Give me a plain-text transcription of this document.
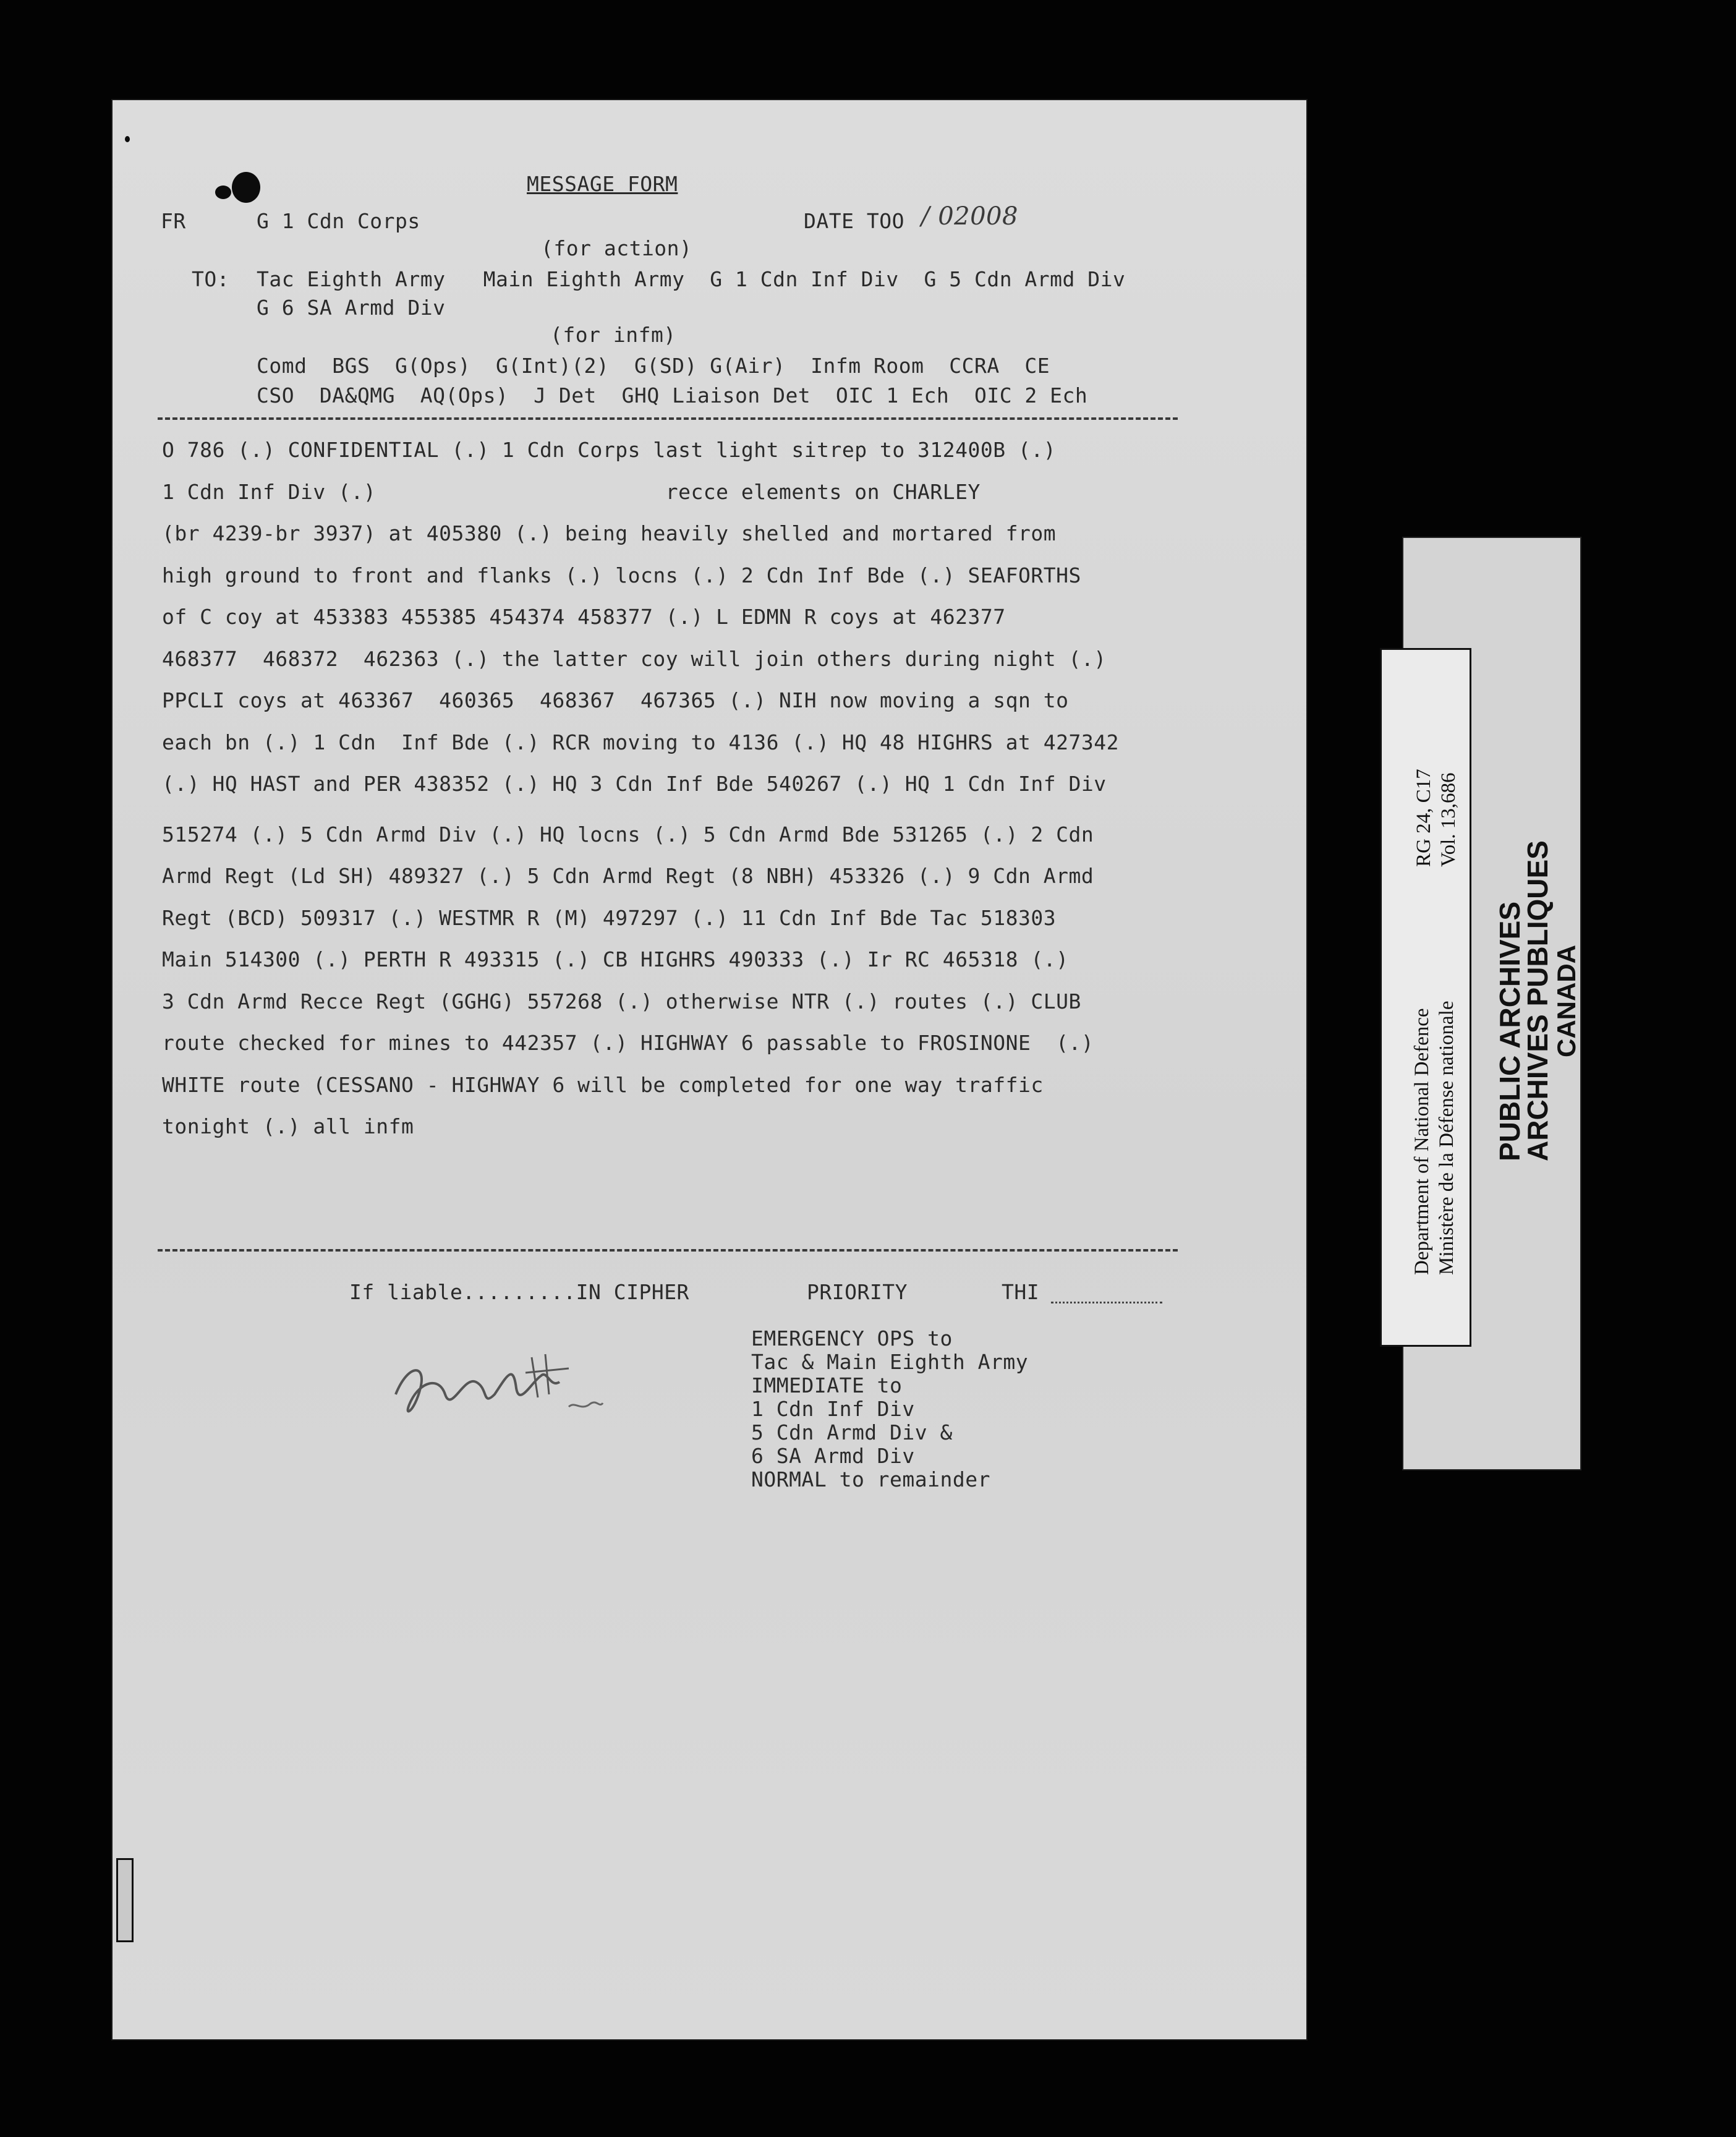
MESSAGE FORM
FR	G 1 Cdn Corps	DATE TOO / 02008
(for action)
TO: Tac Eighth Army   Main Eighth Army  G 1 Cdn Inf Div  G 5 Cdn Armd Div
G 6 SA Armd Div
(for infm)
Comd  BGS  G(Ops)  G(Int)(2)  G(SD) G(Air)  Infm Room  CCRA  CE
CSO  DA&QMG  AQ(Ops)  J Det  GHQ Liaison Det  OIC 1 Ech  OIC 2 Ech
O 786 (.) CONFIDENTIAL (.) 1 Cdn Corps last light sitrep to 312400B (.)
1 Cdn Inf Div (.)                       recce elements on CHARLEY
(br 4239-br 3937) at 405380 (.) being heavily shelled and mortared from
high ground to front and flanks (.) locns (.) 2 Cdn Inf Bde (.) SEAFORTHS
of C coy at 453383 455385 454374 458377 (.) L EDMN R coys at 462377
468377  468372  462363 (.) the latter coy will join others during night (.)
PPCLI coys at 463367  460365  468367  467365 (.) NIH now moving a sqn to
each bn (.) 1 Cdn  Inf Bde (.) RCR moving to 4136 (.) HQ 48 HIGHRS at 427342
(.) HQ HAST and PER 438352 (.) HQ 3 Cdn Inf Bde 540267 (.) HQ 1 Cdn Inf Div
515274 (.) 5 Cdn Armd Div (.) HQ locns (.) 5 Cdn Armd Bde 531265 (.) 2 Cdn
Armd Regt (Ld SH) 489327 (.) 5 Cdn Armd Regt (8 NBH) 453326 (.) 9 Cdn Armd
Regt (BCD) 509317 (.) WESTMR R (M) 497297 (.) 11 Cdn Inf Bde Tac 518303
Main 514300 (.) PERTH R 493315 (.) CB HIGHRS 490333 (.) Ir RC 465318 (.)
3 Cdn Armd Recce Regt (GGHG) 557268 (.) otherwise NTR (.) routes (.) CLUB
route checked for mines to 442357 (.) HIGHWAY 6 passable to FROSINONE  (.)
WHITE route (CESSANO - HIGHWAY 6 will be completed for one way traffic
tonight (.) all infm
If liable.........IN CIPHER	PRIORITY	THI
EMERGENCY OPS to
Tac & Main Eighth Army
IMMEDIATE to
1 Cdn Inf Div
5 Cdn Armd Div &
6 SA Armd Div
NORMAL to remainder
Department of National Defence Ministère de la Défense nationale
RG 24, C17 Vol. 13,686
PUBLIC ARCHIVES
ARCHIVES PUBLIQUES
CANADA
